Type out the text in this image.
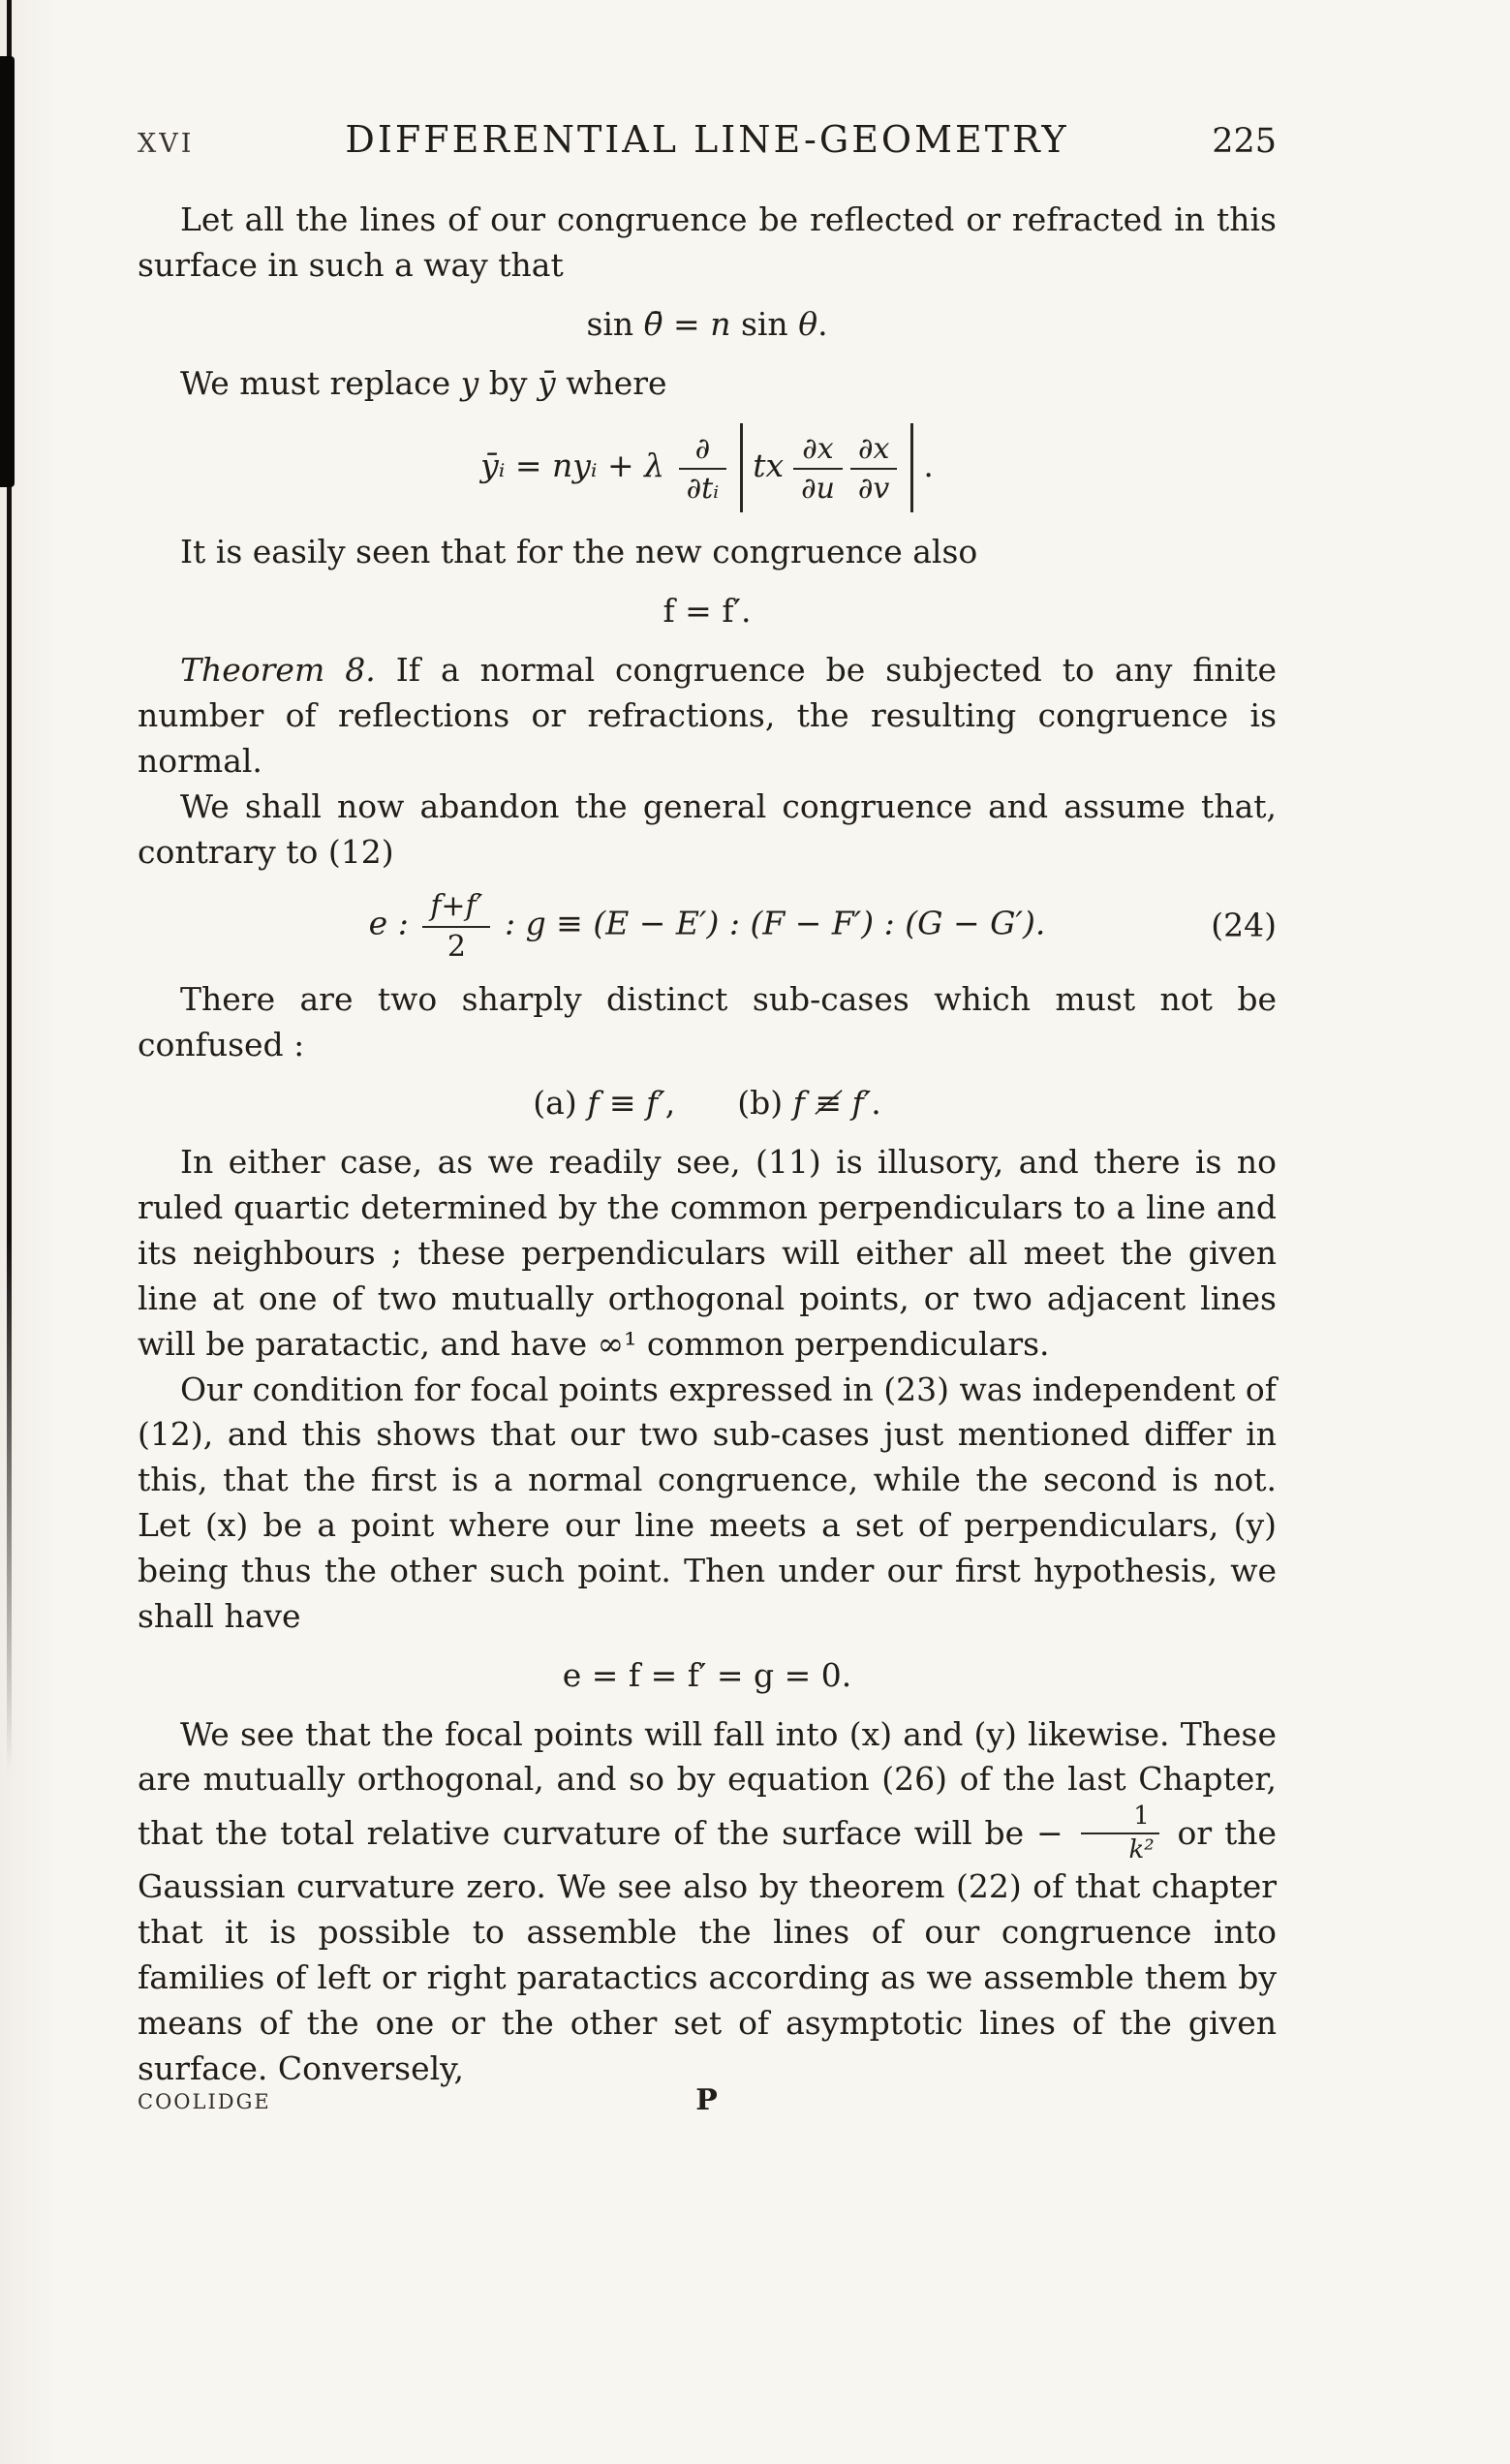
XVI	DIFFERENTIAL LINE-GEOMETRY	225

Let all the lines of our congruence be reflected or refracted in this surface in such a way that

sin θ̄ = n sin θ.

We must replace y by ȳ where

ȳᵢ = nyᵢ + λ $\frac{\partial}{\text{∂tᵢ}}$ tx $\frac{\partial x}{\partial u} \frac{\partial x}{\partial v}$ .

It is easily seen that for the new congruence also

f = f′.

Theorem 8. If a normal congruence be subjected to any finite number of reflections or refractions, the resulting congruence is normal.

We shall now abandon the general congruence and assume that, contrary to (12)

e : $\frac{f+f'}{2}$ : g ≡ (E − E′) : (F − F′) : (G − G′).	(24)

There are two sharply distinct sub-cases which must not be confused :

(a) f ≡ f′, (b) f ≢ f′.

In either case, as we readily see, (11) is illusory, and there is no ruled quartic determined by the common perpendiculars to a line and its neighbours ; these perpendiculars will either all meet the given line at one of two mutually orthogonal points, or two adjacent lines will be paratactic, and have ∞¹ common perpendiculars.

Our condition for focal points expressed in (23) was independent of (12), and this shows that our two sub-cases just mentioned differ in this, that the first is a normal congruence, while the second is not. Let (x) be a point where our line meets a set of perpendiculars, (y) being thus the other such point. Then under our first hypothesis, we shall have

e = f = f′ = g = 0.

We see that the focal points will fall into (x) and (y) likewise. These are mutually orthogonal, and so by equation (26) of the last Chapter, that the total relative curvature of the surface will be − $\frac{1}{\text{k²}}$ or the Gaussian curvature zero. We see also by theorem (22) of that chapter that it is possible to assemble the lines of our congruence into families of left or right paratactics according as we assemble them by means of the one or the other set of asymptotic lines of the given surface. Conversely,

COOLIDGE	P
